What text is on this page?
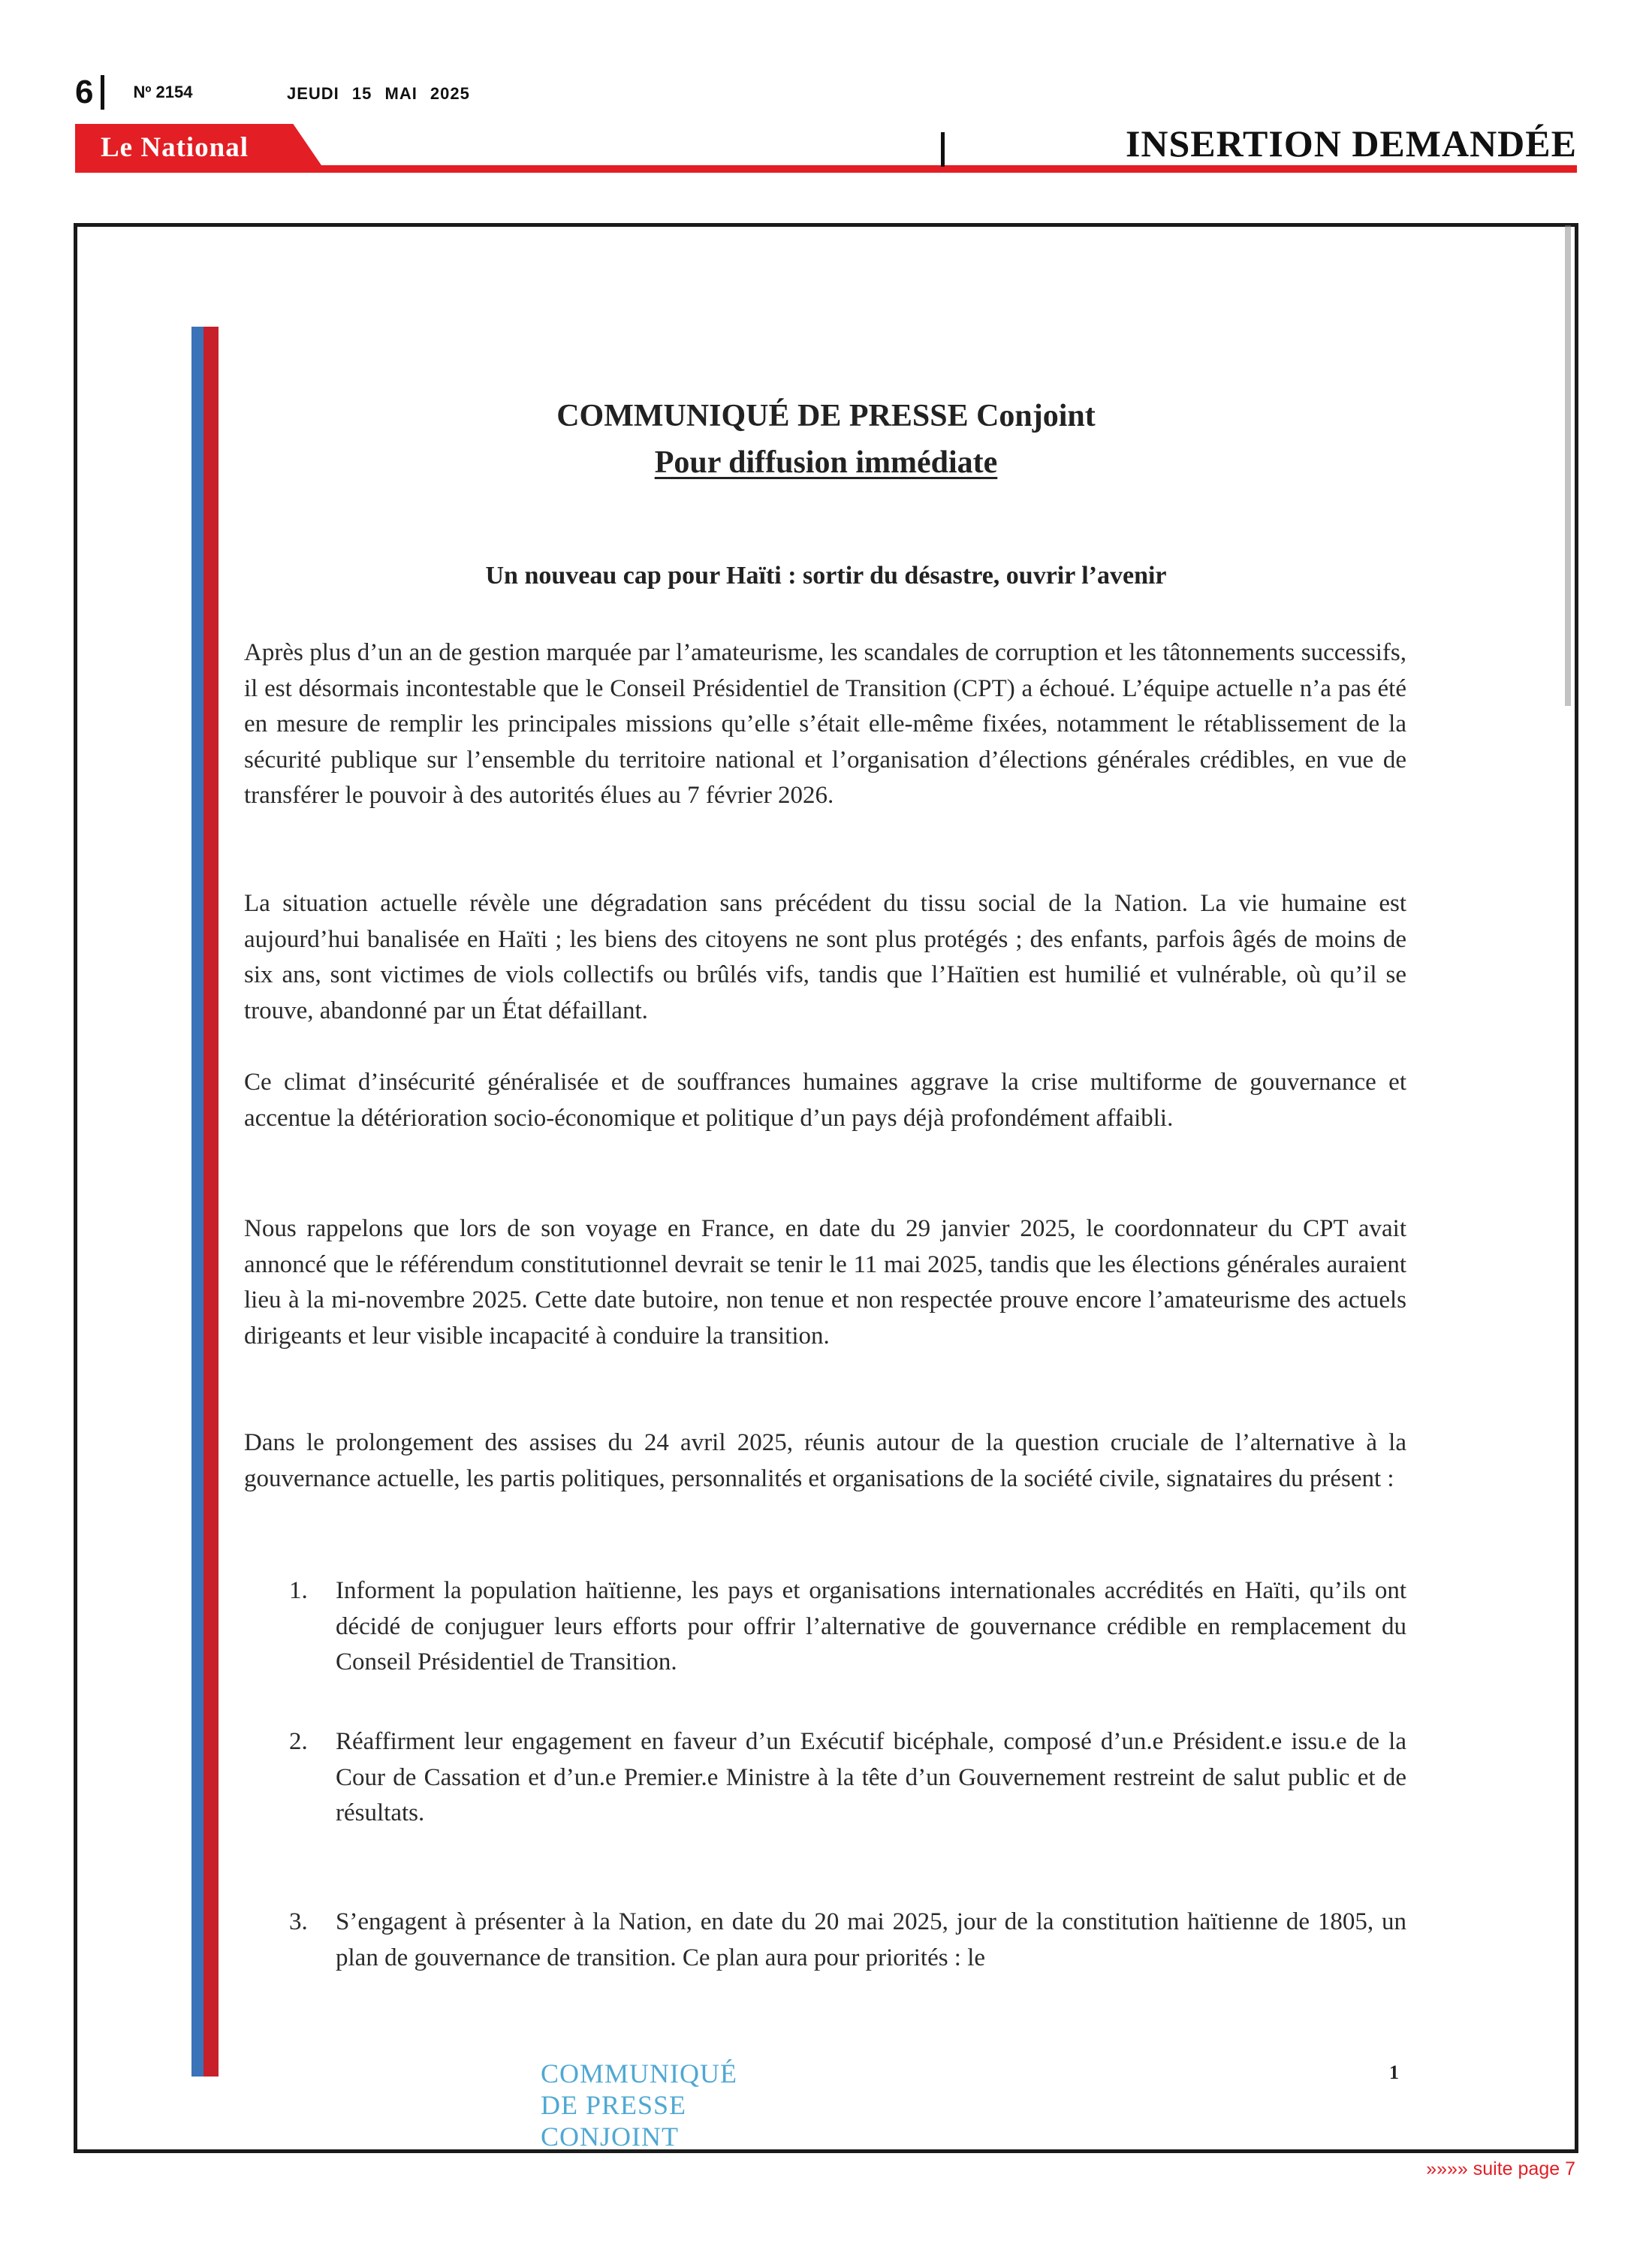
6 Nº 2154	JEUDI 15 MAI 2025
Le National	INSERTION DEMANDÉE
COMMUNIQUÉ DE PRESSE Conjoint
Pour diffusion immédiate
Un nouveau cap pour Haïti : sortir du désastre, ouvrir l’avenir
Après plus d’un an de gestion marquée par l’amateurisme, les scandales de corruption et les tâtonnements successifs, il est désormais incontestable que le Conseil Présidentiel de Transition (CPT) a échoué. L’équipe actuelle n’a pas été en mesure de remplir les principales missions qu’elle s’était elle-même fixées, notamment le rétablissement de la sécurité publique sur l’ensemble du territoire national et l’organisation d’élections générales crédibles, en vue de transférer le pouvoir à des autorités élues au 7 février 2026.
La situation actuelle révèle une dégradation sans précédent du tissu social de la Nation. La vie humaine est aujourd’hui banalisée en Haïti ; les biens des citoyens ne sont plus protégés ; des enfants, parfois âgés de moins de six ans, sont victimes de viols collectifs ou brûlés vifs, tandis que l’Haïtien est humilié et vulnérable, où qu’il se trouve, abandonné par un État défaillant.
Ce climat d’insécurité généralisée et de souffrances humaines aggrave la crise multiforme de gouvernance et accentue la détérioration socio-économique et politique d’un pays déjà profondément affaibli.
Nous rappelons que lors de son voyage en France, en date du 29 janvier 2025, le coordonnateur du CPT avait annoncé que le référendum constitutionnel devrait se tenir le 11 mai 2025, tandis que les élections générales auraient lieu à la mi-novembre 2025. Cette date butoire, non tenue et non respectée prouve encore l’amateurisme des actuels dirigeants et leur visible incapacité à conduire la transition.
Dans le prolongement des assises du 24 avril 2025, réunis autour de la question cruciale de l’alternative à la gouvernance actuelle, les partis politiques, personnalités et organisations de la société civile, signataires du présent :
1.	Informent la population haïtienne, les pays et organisations internationales accrédités en Haïti, qu’ils ont décidé de conjuguer leurs efforts pour offrir l’alternative de gouvernance crédible en remplacement du Conseil Présidentiel de Transition.
2.	Réaffirment leur engagement en faveur d’un Exécutif bicéphale, composé d’un.e Président.e issu.e de la Cour de Cassation et d’un.e Premier.e Ministre à la tête d’un Gouvernement restreint de salut public et de résultats.
3.	S’engagent à présenter à la Nation, en date du 20 mai 2025, jour de la constitution haïtienne de 1805, un plan de gouvernance de transition. Ce plan aura pour priorités : le
COMMUNIQUÉ DE PRESSE CONJOINT
1
»»»» suite page 7
